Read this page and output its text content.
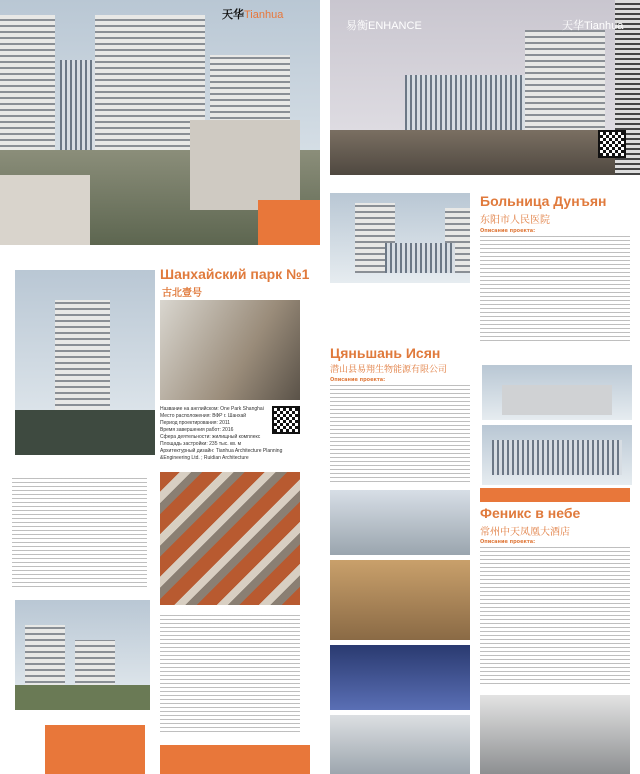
天华Tianhua
Шанхайский парк №1
古北壹号
Название на английском: One Park Shanghai
Место расположения: ВФР г. Шанхай
Период проектирования: 2011
Время завершения работ: 2016
Сфера деятельности: жилищный комплекс
Площадь застройки: 235 тыс. кв. м
Архитектурный дизайн: Tianhua Architecture Planning &Engineering Ltd. ; Ruidian Architecture
易衡ENHANCE	天华Tianhua
Больница Дунъян
东阳市人民医院
Описание проекта:
Цяньшань Исян
潜山县易翔生物能源有限公司
Описание проекта:
Феникс в небе
常州中天凤凰大酒店
Описание проекта:
